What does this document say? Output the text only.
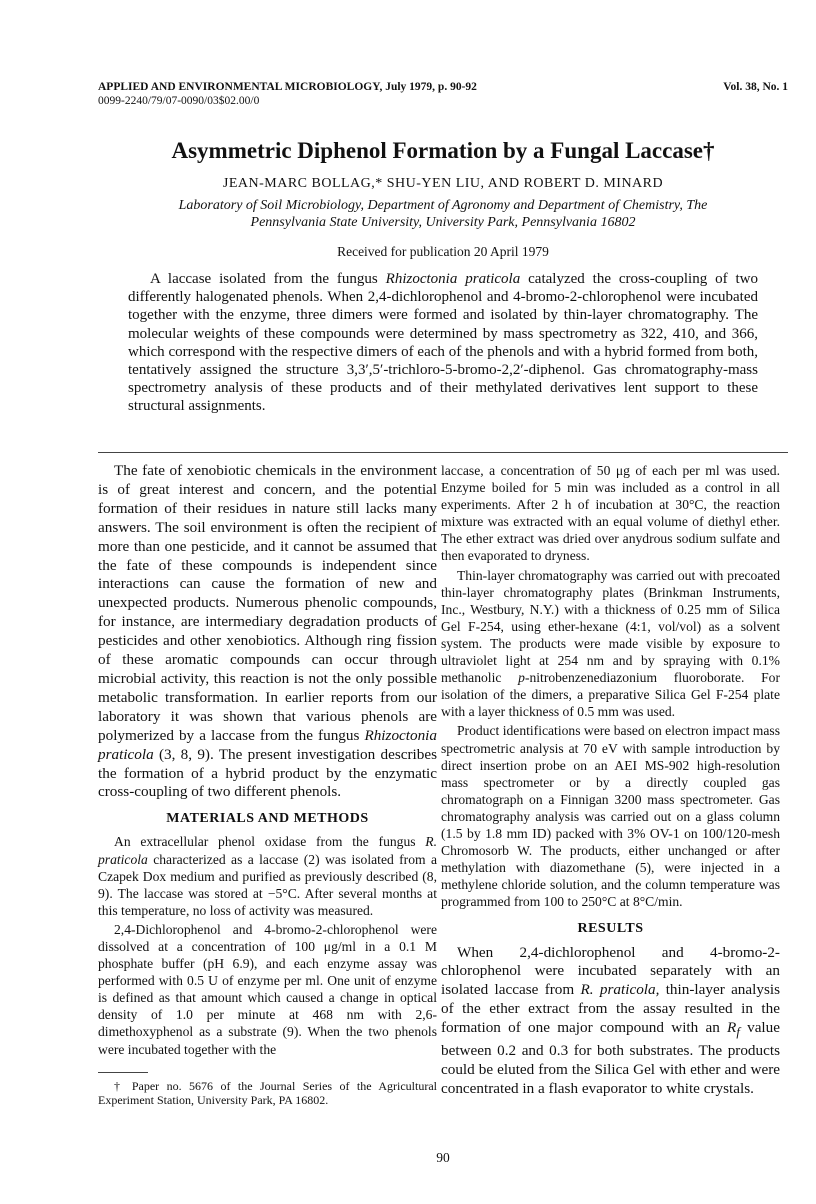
APPLIED AND ENVIRONMENTAL MICROBIOLOGY, July 1979, p. 90-92
0099-2240/79/07-0090/03$02.00/0
Vol. 38, No. 1
Asymmetric Diphenol Formation by a Fungal Laccase†
JEAN-MARC BOLLAG,* SHU-YEN LIU, AND ROBERT D. MINARD
Laboratory of Soil Microbiology, Department of Agronomy and Department of Chemistry, The
Pennsylvania State University, University Park, Pennsylvania 16802
Received for publication 20 April 1979

A laccase isolated from the fungus Rhizoctonia praticola catalyzed the cross-coupling of two differently halogenated phenols. When 2,4-dichlorophenol and 4-bromo-2-chlorophenol were incubated together with the enzyme, three dimers were formed and isolated by thin-layer chromatography. The molecular weights of these compounds were determined by mass spectrometry as 322, 410, and 366, which correspond with the respective dimers of each of the phenols and with a hybrid formed from both, tentatively assigned the structure 3,3′,5′-trichloro-5-bromo-2,2′-diphenol. Gas chromatography-mass spectrometry analysis of these products and of their methylated derivatives lent support to these structural assignments.

The fate of xenobiotic chemicals in the environment is of great interest and concern, and the potential formation of their residues in nature still lacks many answers. The soil environment is often the recipient of more than one pesticide, and it cannot be assumed that the fate of these compounds is independent since interactions can cause the formation of new and unexpected products. Numerous phenolic compounds, for instance, are intermediary degradation products of pesticides and other xenobiotics. Although ring fission of these aromatic compounds can occur through microbial activity, this reaction is not the only possible metabolic transformation. In earlier reports from our laboratory it was shown that various phenols are polymerized by a laccase from the fungus Rhizoctonia praticola (3, 8, 9). The present investigation describes the formation of a hybrid product by the enzymatic cross-coupling of two different phenols.

MATERIALS AND METHODS

An extracellular phenol oxidase from the fungus R. praticola characterized as a laccase (2) was isolated from a Czapek Dox medium and purified as previously described (8, 9). The laccase was stored at −5°C. After several months at this temperature, no loss of activity was measured.

2,4-Dichlorophenol and 4-bromo-2-chlorophenol were dissolved at a concentration of 100 μg/ml in a 0.1 M phosphate buffer (pH 6.9), and each enzyme assay was performed with 0.5 U of enzyme per ml. One unit of enzyme is defined as that amount which caused a change in optical density of 1.0 per minute at 468 nm with 2,6-dimethoxyphenol as a substrate (9). When the two phenols were incubated together with the

† Paper no. 5676 of the Journal Series of the Agricultural Experiment Station, University Park, PA 16802.

laccase, a concentration of 50 μg of each per ml was used. Enzyme boiled for 5 min was included as a control in all experiments. After 2 h of incubation at 30°C, the reaction mixture was extracted with an equal volume of diethyl ether. The ether extract was dried over anydrous sodium sulfate and then evaporated to dryness.

Thin-layer chromatography was carried out with precoated thin-layer chromatography plates (Brinkman Instruments, Inc., Westbury, N.Y.) with a thickness of 0.25 mm of Silica Gel F-254, using ether-hexane (4:1, vol/vol) as a solvent system. The products were made visible by exposure to ultraviolet light at 254 nm and by spraying with 0.1% methanolic p-nitrobenzenediazonium fluoroborate. For isolation of the dimers, a preparative Silica Gel F-254 plate with a layer thickness of 0.5 mm was used.

Product identifications were based on electron impact mass spectrometric analysis at 70 eV with sample introduction by direct insertion probe on an AEI MS-902 high-resolution mass spectrometer or by a directly coupled gas chromatograph on a Finnigan 3200 mass spectrometer. Gas chromatography analysis was carried out on a glass column (1.5 by 1.8 mm ID) packed with 3% OV-1 on 100/120-mesh Chromosorb W. The products, either unchanged or after methylation with diazomethane (5), were injected in a methylene chloride solution, and the column temperature was programmed from 100 to 250°C at 8°C/min.

RESULTS

When 2,4-dichlorophenol and 4-bromo-2-chlorophenol were incubated separately with an isolated laccase from R. praticola, thin-layer analysis of the ether extract from the assay resulted in the formation of one major compound with an $R_f$ value between 0.2 and 0.3 for both substrates. The products could be eluted from the Silica Gel with ether and were concentrated in a flash evaporator to white crystals.

90
